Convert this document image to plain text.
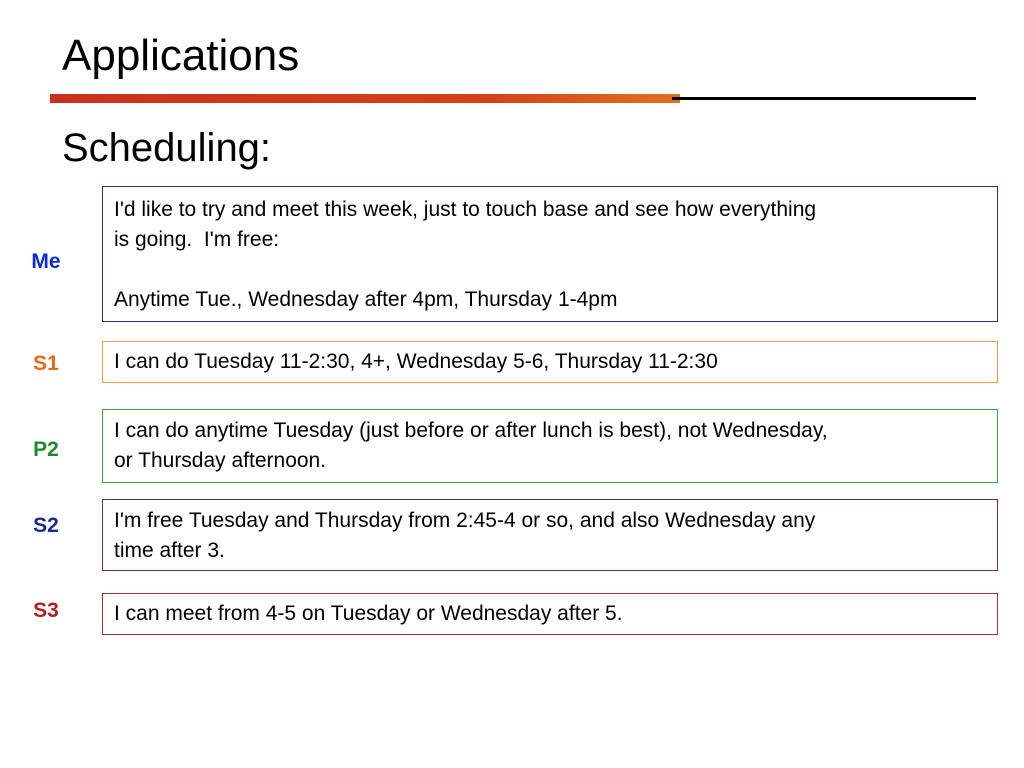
Applications
Scheduling:
Me
I'd like to try and meet this week, just to touch base and see how everything
is going.  I'm free:
Anytime Tue., Wednesday after 4pm, Thursday 1-4pm
S1	I can do Tuesday 11-2:30, 4+, Wednesday 5-6, Thursday 11-2:30
P2
I can do anytime Tuesday (just before or after lunch is best), not Wednesday,
or Thursday afternoon.
S2	I'm free Tuesday and Thursday from 2:45-4 or so, and also Wednesday any
time after 3.
S3	I can meet from 4-5 on Tuesday or Wednesday after 5.
